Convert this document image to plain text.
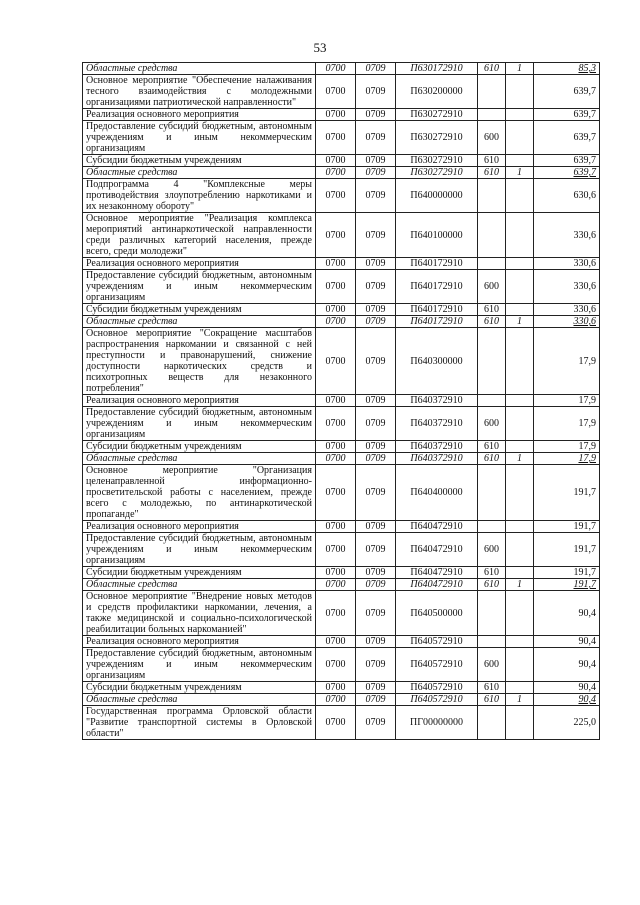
53
Областные средства	0700	0709	П630172910	610	1	85,3
Основное мероприятие "Обеспечение налаживания тесного взаимодействия с молодежными организациями патриотической направленности"	0700	0709	П630200000			639,7
Реализация основного мероприятия	0700	0709	П630272910			639,7
Предоставление субсидий бюджетным, автономным учреждениям и иным некоммерческим организациям	0700	0709	П630272910	600		639,7
Субсидии бюджетным учреждениям	0700	0709	П630272910	610		639,7
Областные средства	0700	0709	П630272910	610	1	639,7
Подпрограмма 4 "Комплексные меры противодействия злоупотреблению наркотиками и их незаконному обороту"	0700	0709	П640000000			630,6
Основное мероприятие "Реализация комплекса мероприятий антинаркотической направленности среди различных категорий населения, прежде всего, среди молодежи"	0700	0709	П640100000			330,6
Реализация основного мероприятия	0700	0709	П640172910			330,6
Предоставление субсидий бюджетным, автономным учреждениям и иным некоммерческим организациям	0700	0709	П640172910	600		330,6
Субсидии бюджетным учреждениям	0700	0709	П640172910	610		330,6
Областные средства	0700	0709	П640172910	610	1	330,6
Основное мероприятие "Сокращение масштабов распространения наркомании и связанной с ней преступности и правонарушений, снижение доступности наркотических средств и психотропных веществ для незаконного потребления"	0700	0709	П640300000			17,9
Реализация основного мероприятия	0700	0709	П640372910			17,9
Предоставление субсидий бюджетным, автономным учреждениям и иным некоммерческим организациям	0700	0709	П640372910	600		17,9
Субсидии бюджетным учреждениям	0700	0709	П640372910	610		17,9
Областные средства	0700	0709	П640372910	610	1	17,9
Основное мероприятие "Организация целенаправленной информационно-просветительской работы с населением, прежде всего с молодежью, по антинаркотической пропаганде"	0700	0709	П640400000			191,7
Реализация основного мероприятия	0700	0709	П640472910			191,7
Предоставление субсидий бюджетным, автономным учреждениям и иным некоммерческим организациям	0700	0709	П640472910	600		191,7
Субсидии бюджетным учреждениям	0700	0709	П640472910	610		191,7
Областные средства	0700	0709	П640472910	610	1	191,7
Основное мероприятие "Внедрение новых методов и средств профилактики наркомании, лечения, а также медицинской и социально-психологической реабилитации больных наркоманией"	0700	0709	П640500000			90,4
Реализация основного мероприятия	0700	0709	П640572910			90,4
Предоставление субсидий бюджетным, автономным учреждениям и иным некоммерческим организациям	0700	0709	П640572910	600		90,4
Субсидии бюджетным учреждениям	0700	0709	П640572910	610		90,4
Областные средства	0700	0709	П640572910	610	1	90,4
Государственная программа Орловской области "Развитие транспортной системы в Орловской области"	0700	0709	ПГ00000000			225,0
